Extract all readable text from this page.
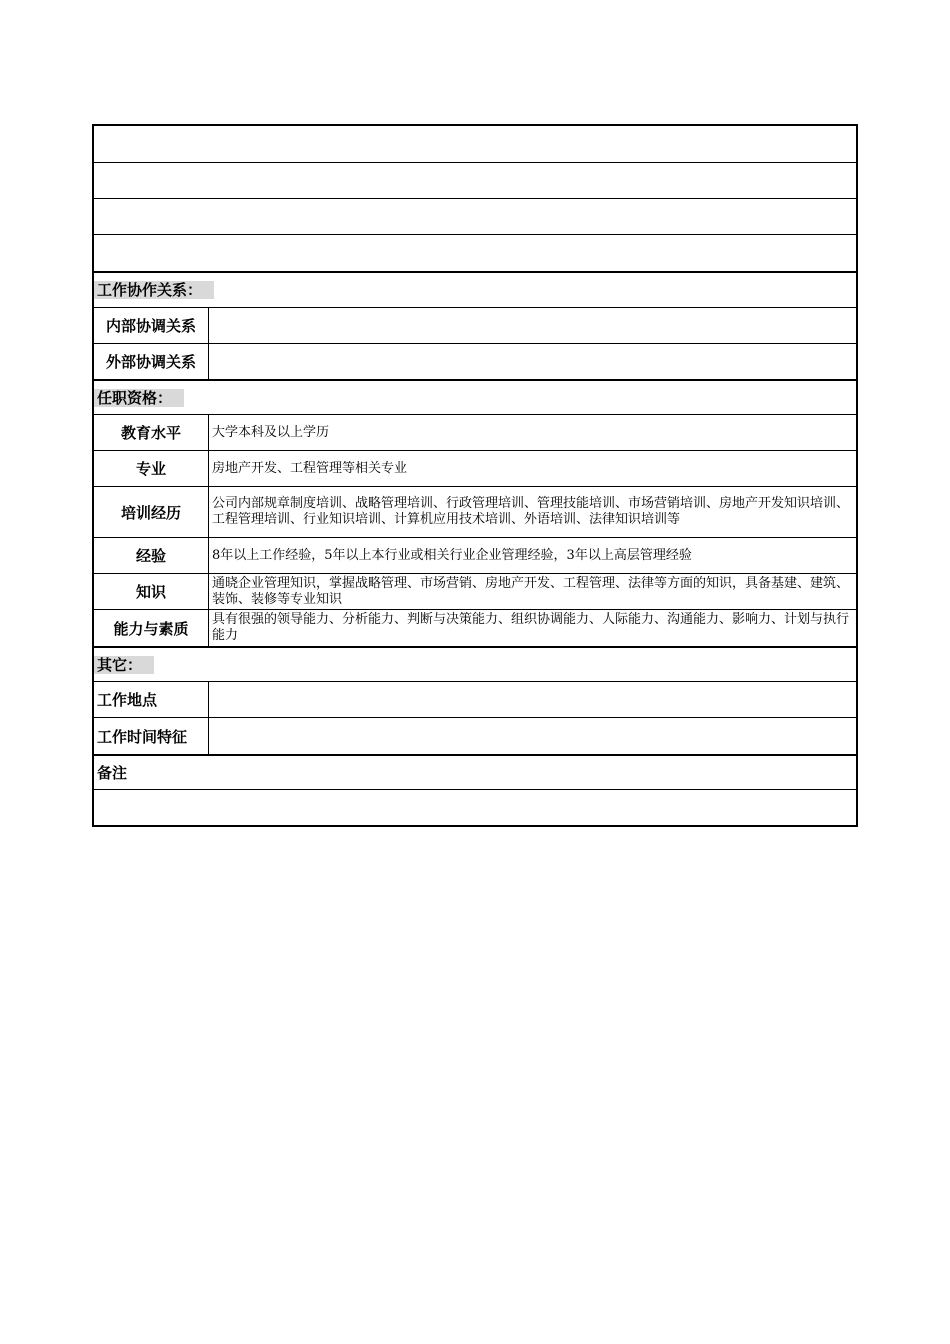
工作协作关系：
内部协调关系
外部协调关系
任职资格：
教育水平	大学本科及以上学历
专业	房地产开发、工程管理等相关专业
培训经历	公司内部规章制度培训、战略管理培训、行政管理培训、管理技能培训、市场营销培训、房地产开发知识培训、工程管理培训、行业知识培训、计算机应用技术培训、外语培训、法律知识培训等
经验	8年以上工作经验，5年以上本行业或相关行业企业管理经验，3年以上高层管理经验
知识	通晓企业管理知识，掌握战略管理、市场营销、房地产开发、工程管理、法律等方面的知识，具备基建、建筑、装饰、装修等专业知识
能力与素质	具有很强的领导能力、分析能力、判断与决策能力、组织协调能力、人际能力、沟通能力、影响力、计划与执行能力
其它：
工作地点
工作时间特征
备注
